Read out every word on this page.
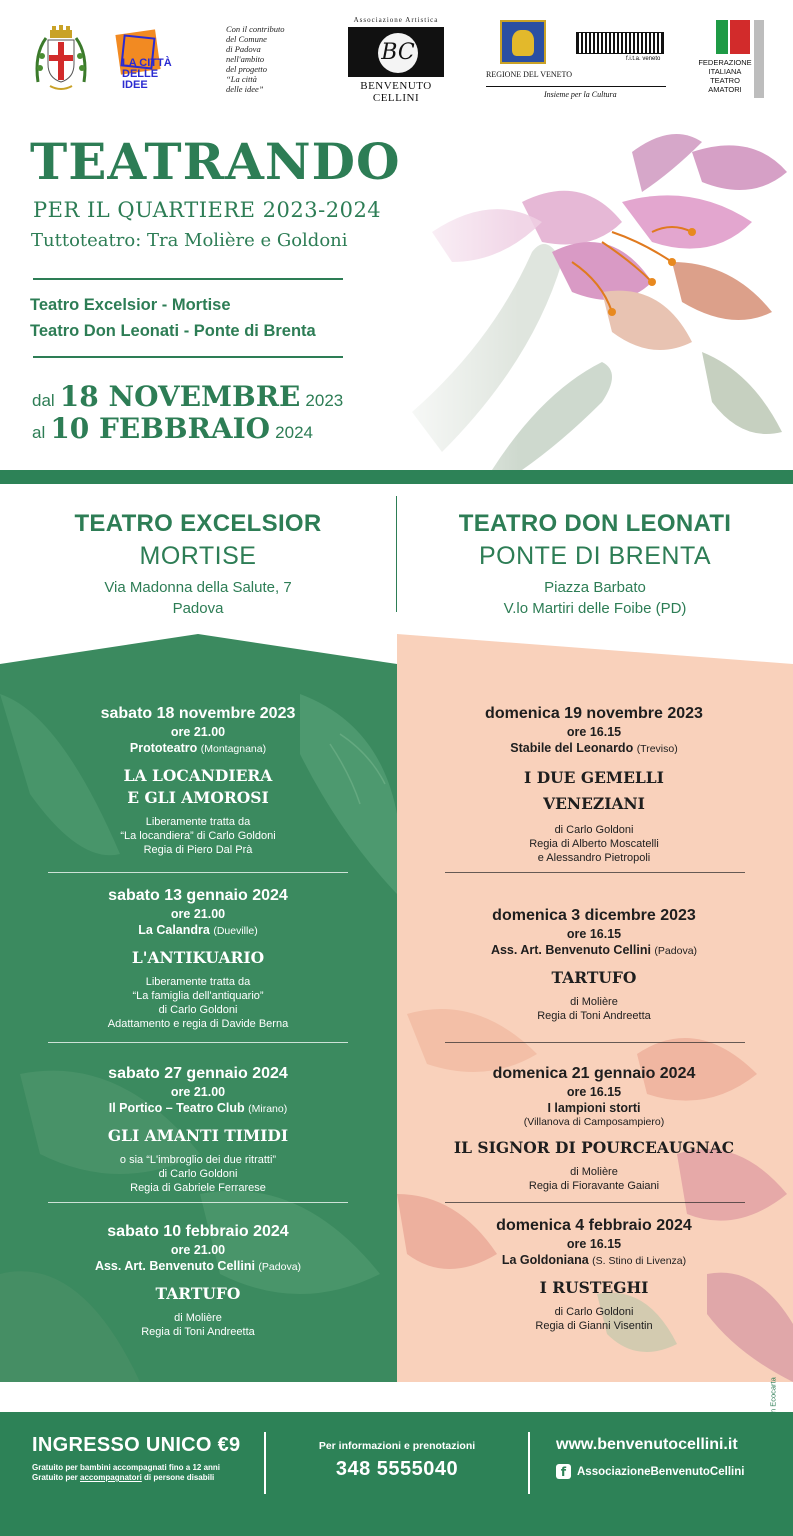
LA CITTÀ
DELLE
IDEE
Con il contributo
del Comune
di Padova
nell'ambito
del progetto
“La città
delle idee”
Associazione Artistica
BC
BENVENUTO CELLINI
REGIONE DEL VENETO
f.i.t.a. veneto
Insieme per la Cultura
FEDERAZIONE
ITALIANA
TEATRO
AMATORI
TEATRANDO
PER IL QUARTIERE 2023-2024
Tuttoteatro: Tra Molière e Goldoni
Teatro Excelsior - Mortise
Teatro Don Leonati - Ponte di Brenta
dal 18 NOVEMBRE 2023
al 10 FEBBRAIO 2024
TEATRO EXCELSIOR
MORTISE
Via Madonna della Salute, 7
Padova
TEATRO DON LEONATI
PONTE DI BRENTA
Piazza Barbato
V.lo Martiri delle Foibe (PD)
sabato 18 novembre 2023
ore 21.00
Prototeatro (Montagnana)
LA LOCANDIERA
E GLI AMOROSI
Liberamente tratta da
“La locandiera” di Carlo Goldoni
Regia di Piero Dal Prà
sabato 13 gennaio 2024
ore 21.00
La Calandra (Dueville)
L'ANTIKUARIO
Liberamente tratta da
“La famiglia dell'antiquario”
di Carlo Goldoni
Adattamento e regia di Davide Berna
sabato 27 gennaio 2024
ore 21.00
Il Portico – Teatro Club (Mirano)
GLI AMANTI TIMIDI
o sia “L'imbroglio dei due ritratti”
di Carlo Goldoni
Regia di Gabriele Ferrarese
sabato 10 febbraio 2024
ore 21.00
Ass. Art. Benvenuto Cellini (Padova)
TARTUFO
di Molière
Regia di Toni Andreetta
domenica 19 novembre 2023
ore 16.15
Stabile del Leonardo (Treviso)
I DUE GEMELLI
VENEZIANI
di Carlo Goldoni
Regia di Alberto Moscatelli
e Alessandro Pietropoli
domenica 3 dicembre 2023
ore 16.15
Ass. Art. Benvenuto Cellini (Padova)
TARTUFO
di Molière
Regia di Toni Andreetta
domenica 21 gennaio 2024
ore 16.15
I lampioni storti
(Villanova di Camposampiero)
IL SIGNOR DI POURCEAUGNAC
di Molière
Regia di Fioravante Gaiani
domenica 4 febbraio 2024
ore 16.15
La Goldoniana (S. Stino di Livenza)
I RUSTEGHI
di Carlo Goldoni
Regia di Gianni Visentin
INGRESSO UNICO €9
Gratuito per bambini accompagnati fino a 12 anni
Gratuito per accompagnatori di persone disabili
Per informazioni e prenotazioni
348 5555040
www.benvenutocellini.it
f AssociazioneBenvenutoCellini
